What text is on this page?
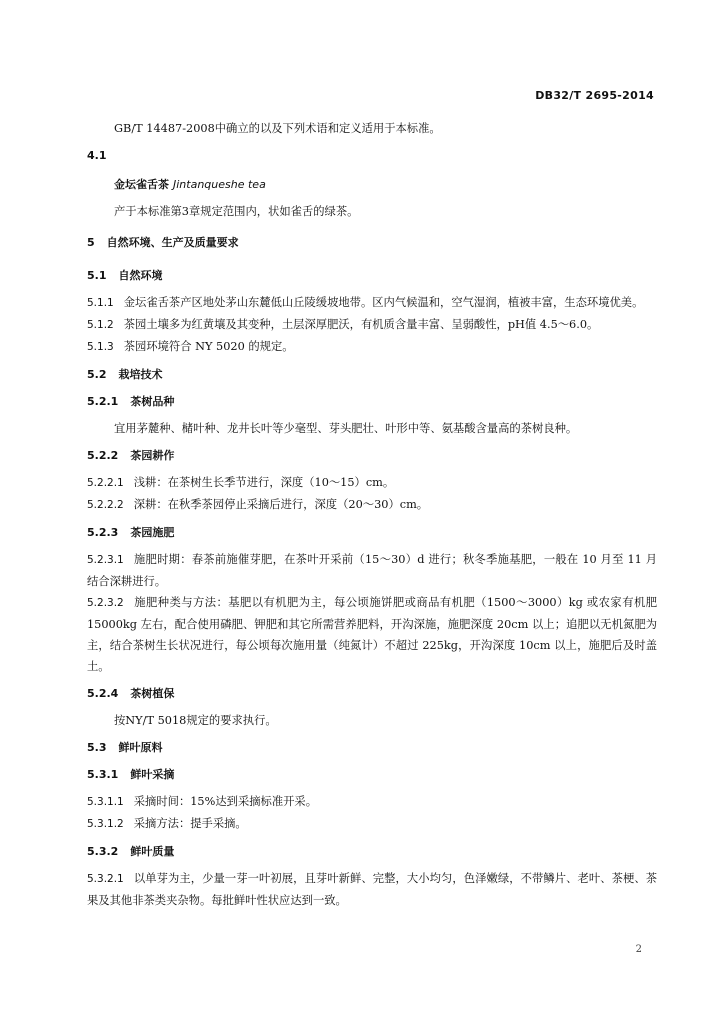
DB32/T 2695-2014

GB/T 14487-2008中确立的以及下列术语和定义适用于本标准。

4.1

金坛雀舌茶 Jintanqueshe tea

产于本标准第3章规定范围内，状如雀舌的绿茶。

5 自然环境、生产及质量要求

5.1 自然环境

5.1.1 金坛雀舌茶产区地处茅山东麓低山丘陵缓坡地带。区内气候温和，空气湿润，植被丰富，生态环境优美。

5.1.2 茶园土壤多为红黄壤及其变种，土层深厚肥沃，有机质含量丰富、呈弱酸性，pH值 4.5～6.0。

5.1.3 茶园环境符合 NY 5020 的规定。

5.2 栽培技术

5.2.1 茶树品种

宜用茅麓种、槠叶种、龙井长叶等少毫型、芽头肥壮、叶形中等、氨基酸含量高的茶树良种。

5.2.2 茶园耕作

5.2.2.1 浅耕：在茶树生长季节进行，深度（10～15）cm。

5.2.2.2 深耕：在秋季茶园停止采摘后进行，深度（20～30）cm。

5.2.3 茶园施肥

5.2.3.1 施肥时期：春茶前施催芽肥，在茶叶开采前（15～30）d 进行；秋冬季施基肥，一般在 10 月至 11 月结合深耕进行。

5.2.3.2 施肥种类与方法：基肥以有机肥为主，每公顷施饼肥或商品有机肥（1500～3000）kg 或农家有机肥 15000kg 左右，配合使用磷肥、钾肥和其它所需营养肥料，开沟深施，施肥深度 20cm 以上；追肥以无机氮肥为主，结合茶树生长状况进行，每公顷每次施用量（纯氮计）不超过 225kg，开沟深度 10cm 以上，施肥后及时盖土。

5.2.4 茶树植保

按NY/T 5018规定的要求执行。

5.3 鲜叶原料

5.3.1 鲜叶采摘

5.3.1.1 采摘时间：15%达到采摘标准开采。

5.3.1.2 采摘方法：提手采摘。

5.3.2 鲜叶质量

5.3.2.1 以单芽为主，少量一芽一叶初展，且芽叶新鲜、完整，大小均匀，色泽嫩绿，不带鳞片、老叶、茶梗、茶果及其他非茶类夹杂物。每批鲜叶性状应达到一致。

2
